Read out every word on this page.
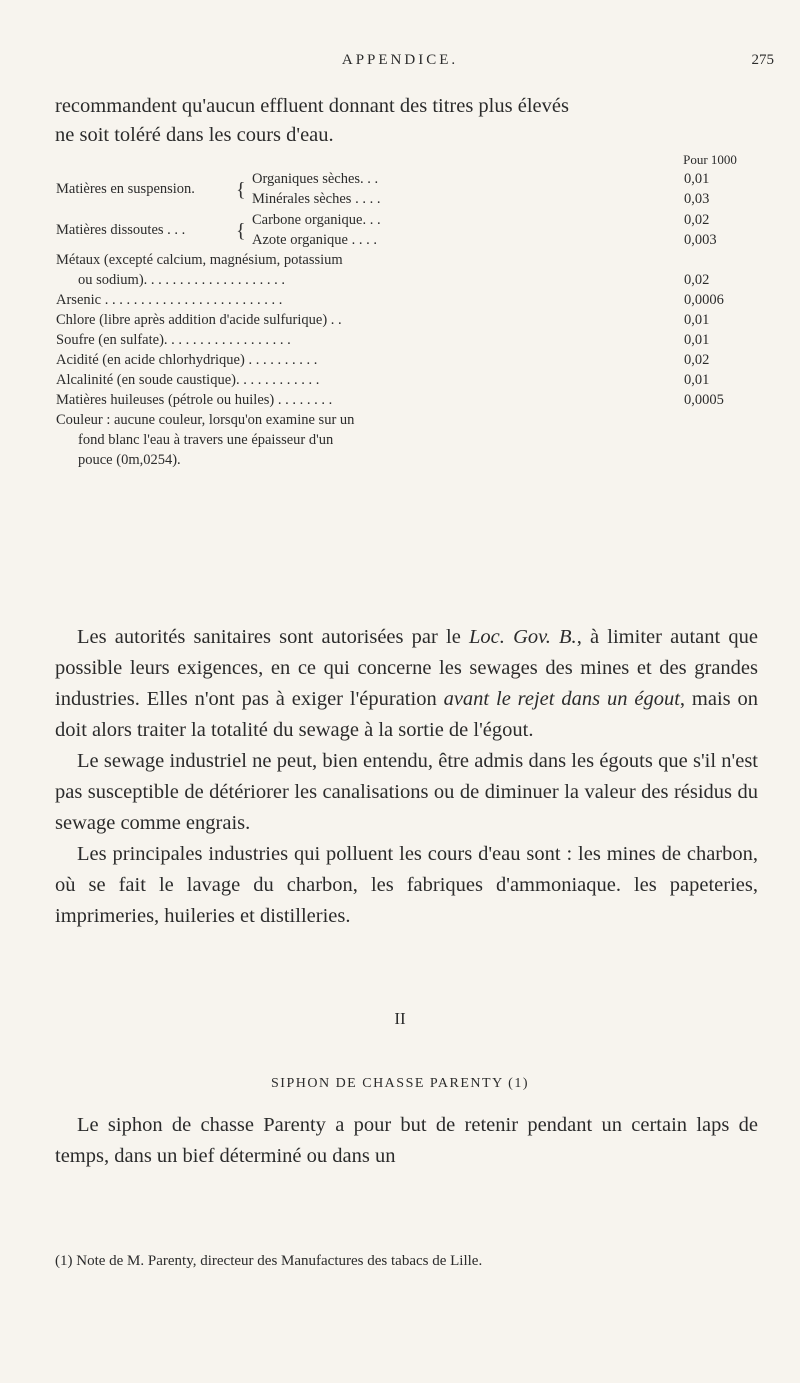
APPENDICE.	275

recommandent qu'aucun effluent donnant des titres plus élevés

ne soit toléré dans les cours d'eau.

Pour 1000
Matières en suspension. { Organiques sèches. . .	0,01
Minérales sèches . . . .	0,03
Matières dissoutes . . .	{ Carbone organique. . .	0,02
Azote organique . . . .	0,003
Métaux (excepté calcium, magnésium, potassium
ou sodium). . . . . . . . . . . . . . . . . . . .	0,02
Arsenic . . . . . . . . . . . . . . . . . . . . . . . . .	0,0006
Chlore (libre après addition d'acide sulfurique) . .	0,01
Soufre (en sulfate). . . . . . . . . . . . . . . . . .	0,01
Acidité (en acide chlorhydrique) . . . . . . . . . .	0,02
Alcalinité (en soude caustique). . . . . . . . . . . .	0,01
Matières huileuses (pétrole ou huiles) . . . . . . . .	0,0005
Couleur : aucune couleur, lorsqu'on examine sur un
fond blanc l'eau à travers une épaisseur d'un
pouce (0m,0254).

Les autorités sanitaires sont autorisées par le Loc. Gov. B., à limiter autant que possible leurs exigences, en ce qui concerne les sewages des mines et des grandes industries. Elles n'ont pas à exiger l'épuration avant le rejet dans un égout, mais on doit alors traiter la totalité du sewage à la sortie de l'égout.

Le sewage industriel ne peut, bien entendu, être admis dans les égouts que s'il n'est pas susceptible de détériorer les canalisations ou de diminuer la valeur des résidus du sewage comme engrais.

Les principales industries qui polluent les cours d'eau sont : les mines de charbon, où se fait le lavage du charbon, les fabriques d'ammoniaque. les papeteries, imprimeries, huileries et distilleries.

II
SIPHON DE CHASSE PARENTY (1)

Le siphon de chasse Parenty a pour but de retenir pendant un certain laps de temps, dans un bief déterminé ou dans un

(1) Note de M. Parenty, directeur des Manufactures des tabacs de Lille.
